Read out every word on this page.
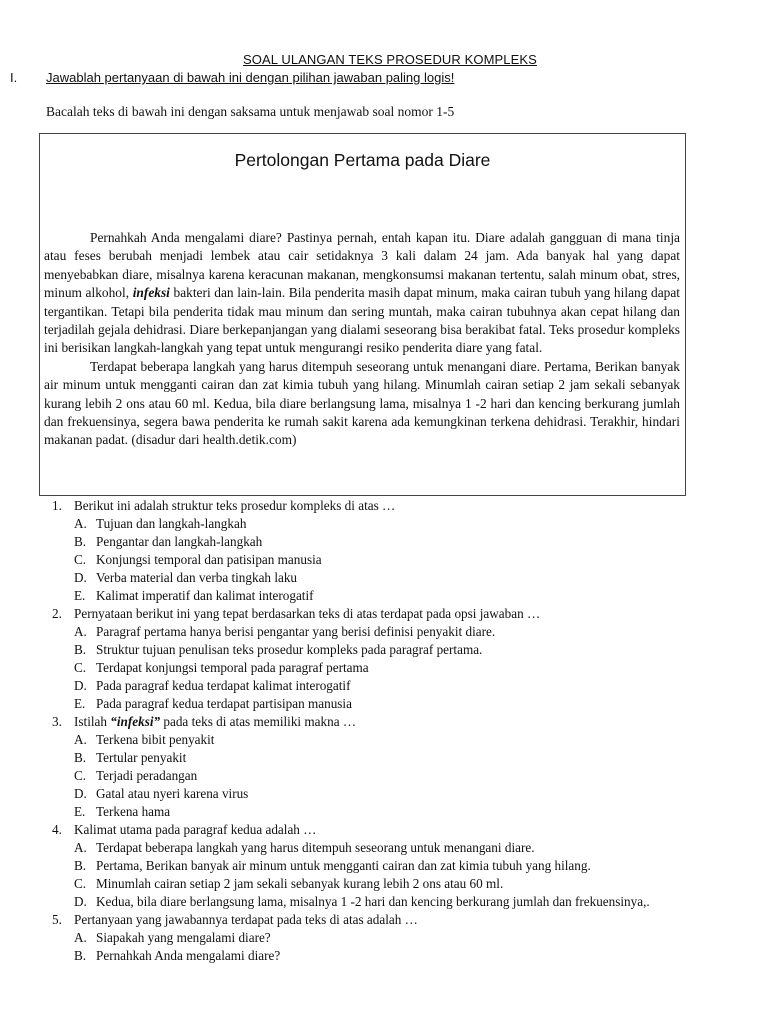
SOAL ULANGAN TEKS PROSEDUR KOMPLEKS
I. Jawablah pertanyaan di bawah ini dengan pilihan jawaban paling logis!
Bacalah teks di bawah ini dengan saksama untuk menjawab soal nomor 1-5
Pertolongan Pertama pada Diare

Pernahkah Anda mengalami diare? Pastinya pernah, entah kapan itu. Diare adalah gangguan di mana tinja atau feses berubah menjadi lembek atau cair setidaknya 3 kali dalam 24 jam. Ada banyak hal yang dapat menyebabkan diare, misalnya karena keracunan makanan, mengkonsumsi makanan tertentu, salah minum obat, stres, minum alkohol, infeksi bakteri dan lain-lain. Bila penderita masih dapat minum, maka cairan tubuh yang hilang dapat tergantikan. Tetapi bila penderita tidak mau minum dan sering muntah, maka cairan tubuhnya akan cepat hilang dan terjadilah gejala dehidrasi. Diare berkepanjangan yang dialami seseorang bisa berakibat fatal. Teks prosedur kompleks ini berisikan langkah-langkah yang tepat untuk mengurangi resiko penderita diare yang fatal.

Terdapat beberapa langkah yang harus ditempuh seseorang untuk menangani diare. Pertama, Berikan banyak air minum untuk mengganti cairan dan zat kimia tubuh yang hilang. Minumlah cairan setiap 2 jam sekali sebanyak kurang lebih 2 ons atau 60 ml. Kedua, bila diare berlangsung lama, misalnya 1 -2 hari dan kencing berkurang jumlah dan frekuensinya, segera bawa penderita ke rumah sakit karena ada kemungkinan terkena dehidrasi. Terakhir, hindari makanan padat. (disadur dari health.detik.com)

1. Berikut ini adalah struktur teks prosedur kompleks di atas …
A. Tujuan dan langkah-langkah
B. Pengantar dan langkah-langkah
C. Konjungsi temporal dan patisipan manusia
D. Verba material dan verba tingkah laku
E. Kalimat imperatif dan kalimat interogatif
2. Pernyataan berikut ini yang tepat berdasarkan teks di atas terdapat pada opsi jawaban …
A. Paragraf pertama hanya berisi pengantar yang berisi definisi penyakit diare.
B. Struktur tujuan penulisan teks prosedur kompleks pada paragraf pertama.
C. Terdapat konjungsi temporal pada paragraf pertama
D. Pada paragraf kedua terdapat kalimat interogatif
E. Pada paragraf kedua terdapat partisipan manusia
3. Istilah “infeksi” pada teks di atas memiliki makna …
A. Terkena bibit penyakit
B. Tertular penyakit
C. Terjadi peradangan
D. Gatal atau nyeri karena virus
E. Terkena hama
4. Kalimat utama pada paragraf kedua adalah …
A. Terdapat beberapa langkah yang harus ditempuh seseorang untuk menangani diare.
B. Pertama, Berikan banyak air minum untuk mengganti cairan dan zat kimia tubuh yang hilang.
C. Minumlah cairan setiap 2 jam sekali sebanyak kurang lebih 2 ons atau 60 ml.
D. Kedua, bila diare berlangsung lama, misalnya 1 -2 hari dan kencing berkurang jumlah dan frekuensinya,.
5. Pertanyaan yang jawabannya terdapat pada teks di atas adalah …
A. Siapakah yang mengalami diare?
B. Pernahkah Anda mengalami diare?
